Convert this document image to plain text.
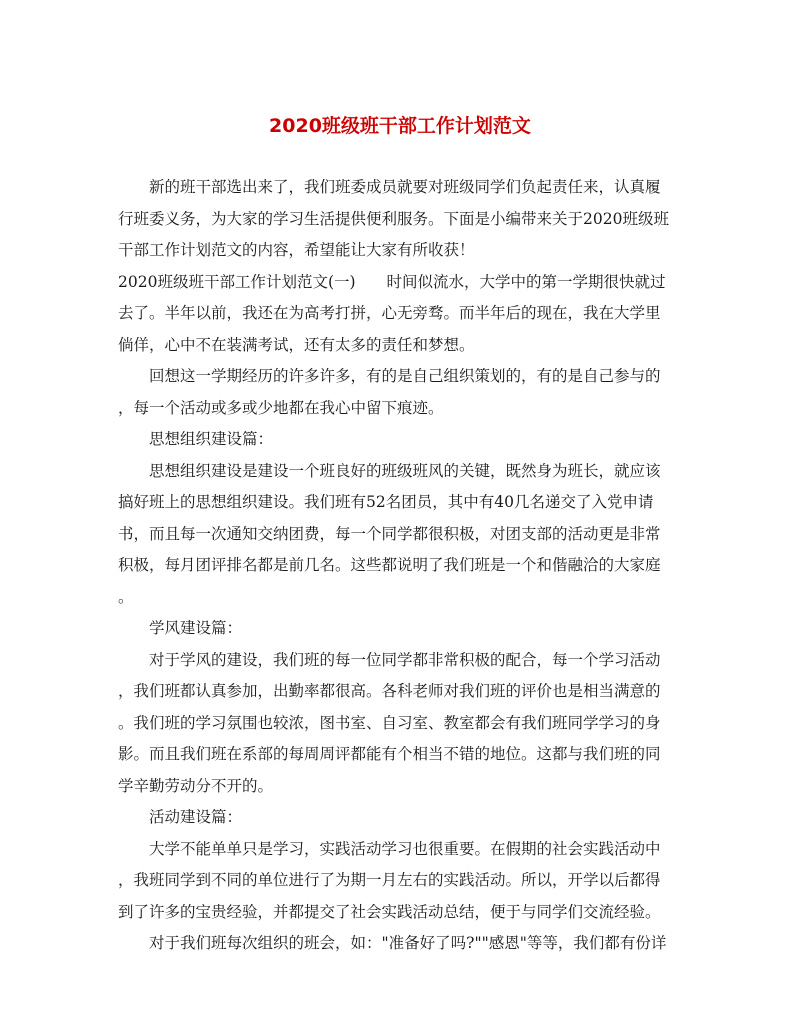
2020班级班干部工作计划范文
新的班干部选出来了，我们班委成员就要对班级同学们负起责任来，认真履
行班委义务，为大家的学习生活提供便利服务。下面是小编带来关于2020班级班
干部工作计划范文的内容，希望能让大家有所收获！
2020班级班干部工作计划范文(一)　　时间似流水，大学中的第一学期很快就过
去了。半年以前，我还在为高考打拼，心无旁骛。而半年后的现在，我在大学里
倘佯，心中不在装满考试，还有太多的责任和梦想。
回想这一学期经历的许多许多，有的是自己组织策划的，有的是自己参与的
，每一个活动或多或少地都在我心中留下痕迹。
思想组织建设篇：
思想组织建设是建设一个班良好的班级班风的关键，既然身为班长，就应该
搞好班上的思想组织建设。我们班有52名团员，其中有40几名递交了入党申请
书，而且每一次通知交纳团费，每一个同学都很积极，对团支部的活动更是非常
积极，每月团评排名都是前几名。这些都说明了我们班是一个和偕融洽的大家庭
。
学风建设篇：
对于学风的建设，我们班的每一位同学都非常积极的配合，每一个学习活动
，我们班都认真参加，出勤率都很高。各科老师对我们班的评价也是相当满意的
。我们班的学习氛围也较浓，图书室、自习室、教室都会有我们班同学学习的身
影。而且我们班在系部的每周周评都能有个相当不错的地位。这都与我们班的同
学辛勤劳动分不开的。
活动建设篇：
大学不能单单只是学习，实践活动学习也很重要。在假期的社会实践活动中
，我班同学到不同的单位进行了为期一月左右的实践活动。所以，开学以后都得
到了许多的宝贵经验，并都提交了社会实践活动总结，便于与同学们交流经验。
对于我们班每次组织的班会，如："准备好了吗?""感恩"等等，我们都有份详
